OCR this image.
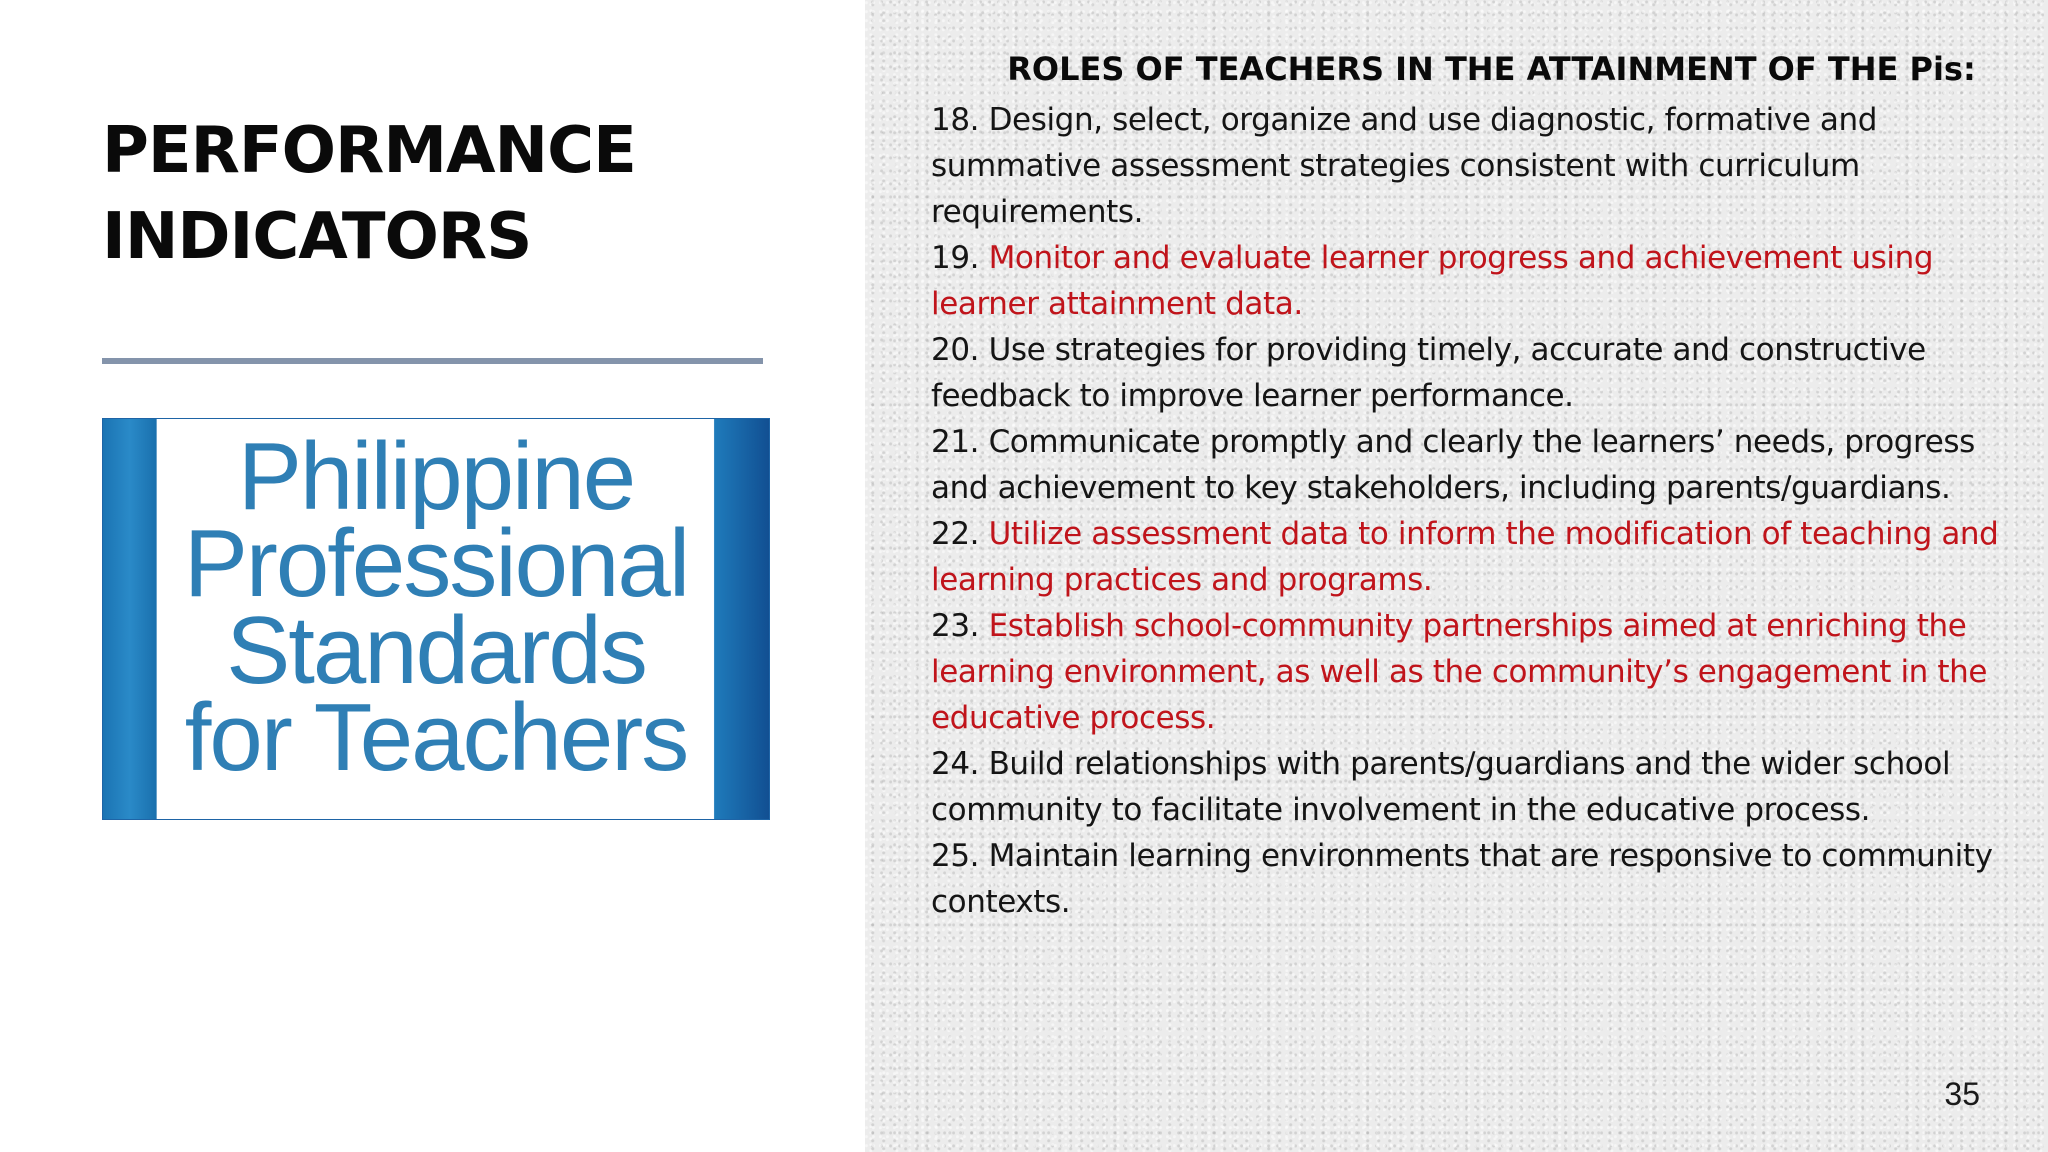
PERFORMANCE
INDICATORS
Philippine
Professional
Standards
for Teachers
ROLES OF TEACHERS IN THE ATTAINMENT OF THE Pis:
18. Design, select, organize and use diagnostic, formative and summative assessment strategies consistent with curriculum requirements.
19. Monitor and evaluate learner progress and achievement using learner attainment data.
20. Use strategies for providing timely, accurate and constructive feedback to improve learner performance.
21. Communicate promptly and clearly the learners’ needs, progress and achievement to key stakeholders, including parents/guardians.
22. Utilize assessment data to inform the modification of teaching and learning practices and programs.
23. Establish school-community partnerships aimed at enriching the learning environment, as well as the community’s engagement in the educative process.
24. Build relationships with parents/guardians and the wider school community to facilitate involvement in the educative process.
25. Maintain learning environments that are responsive to community contexts.
35
